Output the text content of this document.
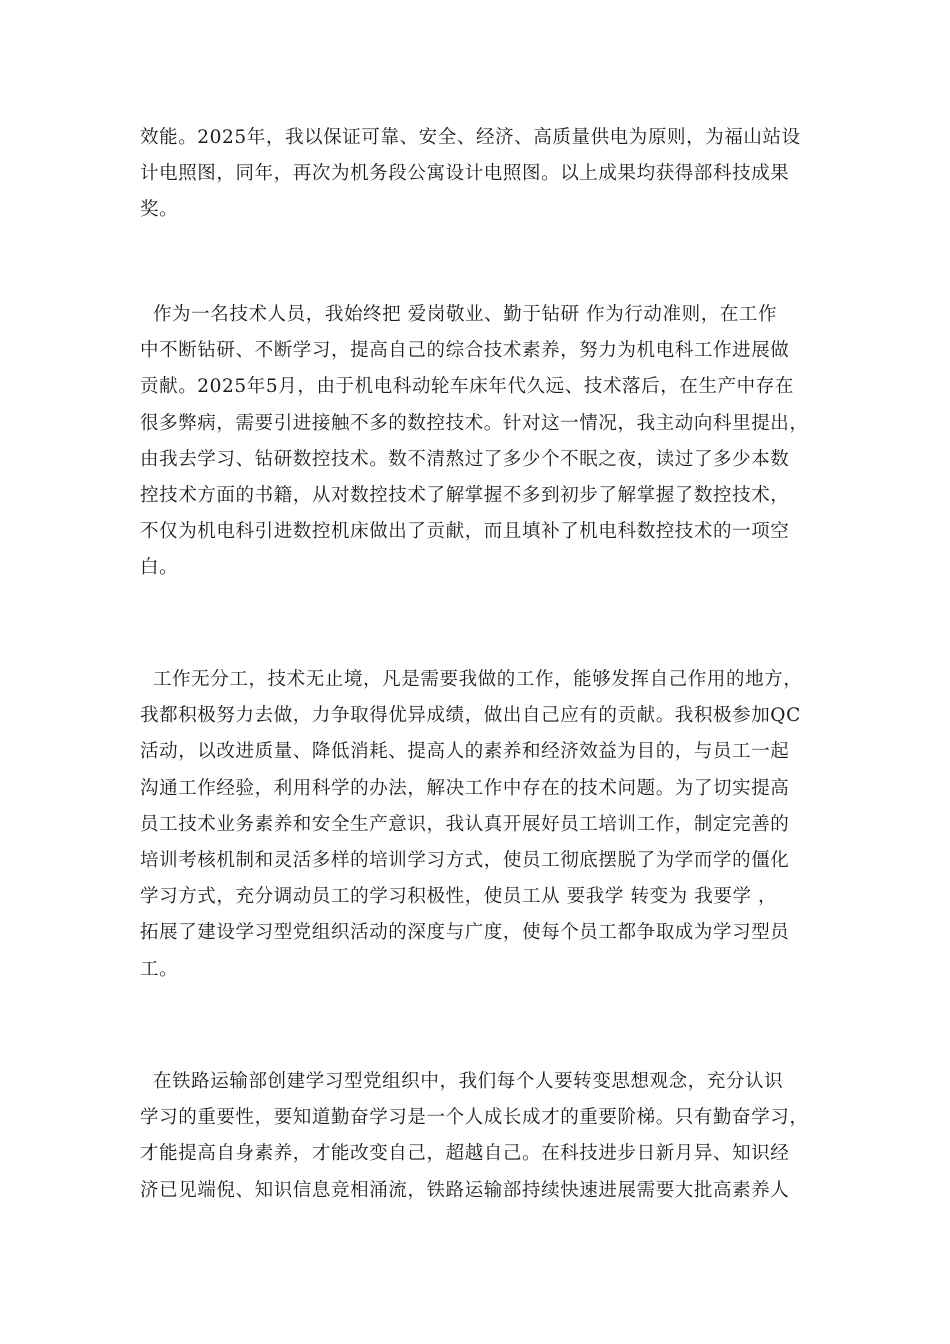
效能。2025年，我以保证可靠、安全、经济、高质量供电为原则，为福山站设
计电照图，同年，再次为机务段公寓设计电照图。以上成果均获得部科技成果
奖。
作为一名技术人员，我始终把 爱岗敬业、勤于钻研 作为行动准则，在工作
中不断钻研、不断学习，提高自己的综合技术素养，努力为机电科工作进展做
贡献。2025年5月，由于机电科动轮车床年代久远、技术落后，在生产中存在
很多弊病，需要引进接触不多的数控技术。针对这一情况，我主动向科里提出，
由我去学习、钻研数控技术。数不清熬过了多少个不眠之夜，读过了多少本数
控技术方面的书籍，从对数控技术了解掌握不多到初步了解掌握了数控技术，
不仅为机电科引进数控机床做出了贡献，而且填补了机电科数控技术的一项空
白。
工作无分工，技术无止境，凡是需要我做的工作，能够发挥自己作用的地方，
我都积极努力去做，力争取得优异成绩，做出自己应有的贡献。我积极参加QC
活动，以改进质量、降低消耗、提高人的素养和经济效益为目的，与员工一起
沟通工作经验，利用科学的办法，解决工作中存在的技术问题。为了切实提高
员工技术业务素养和安全生产意识，我认真开展好员工培训工作，制定完善的
培训考核机制和灵活多样的培训学习方式，使员工彻底摆脱了为学而学的僵化
学习方式，充分调动员工的学习积极性，使员工从 要我学 转变为 我要学 ，
拓展了建设学习型党组织活动的深度与广度，使每个员工都争取成为学习型员
工。
在铁路运输部创建学习型党组织中，我们每个人要转变思想观念，充分认识
学习的重要性，要知道勤奋学习是一个人成长成才的重要阶梯。只有勤奋学习，
才能提高自身素养，才能改变自己，超越自己。在科技进步日新月异、知识经
济已见端倪、知识信息竞相涌流，铁路运输部持续快速进展需要大批高素养人
